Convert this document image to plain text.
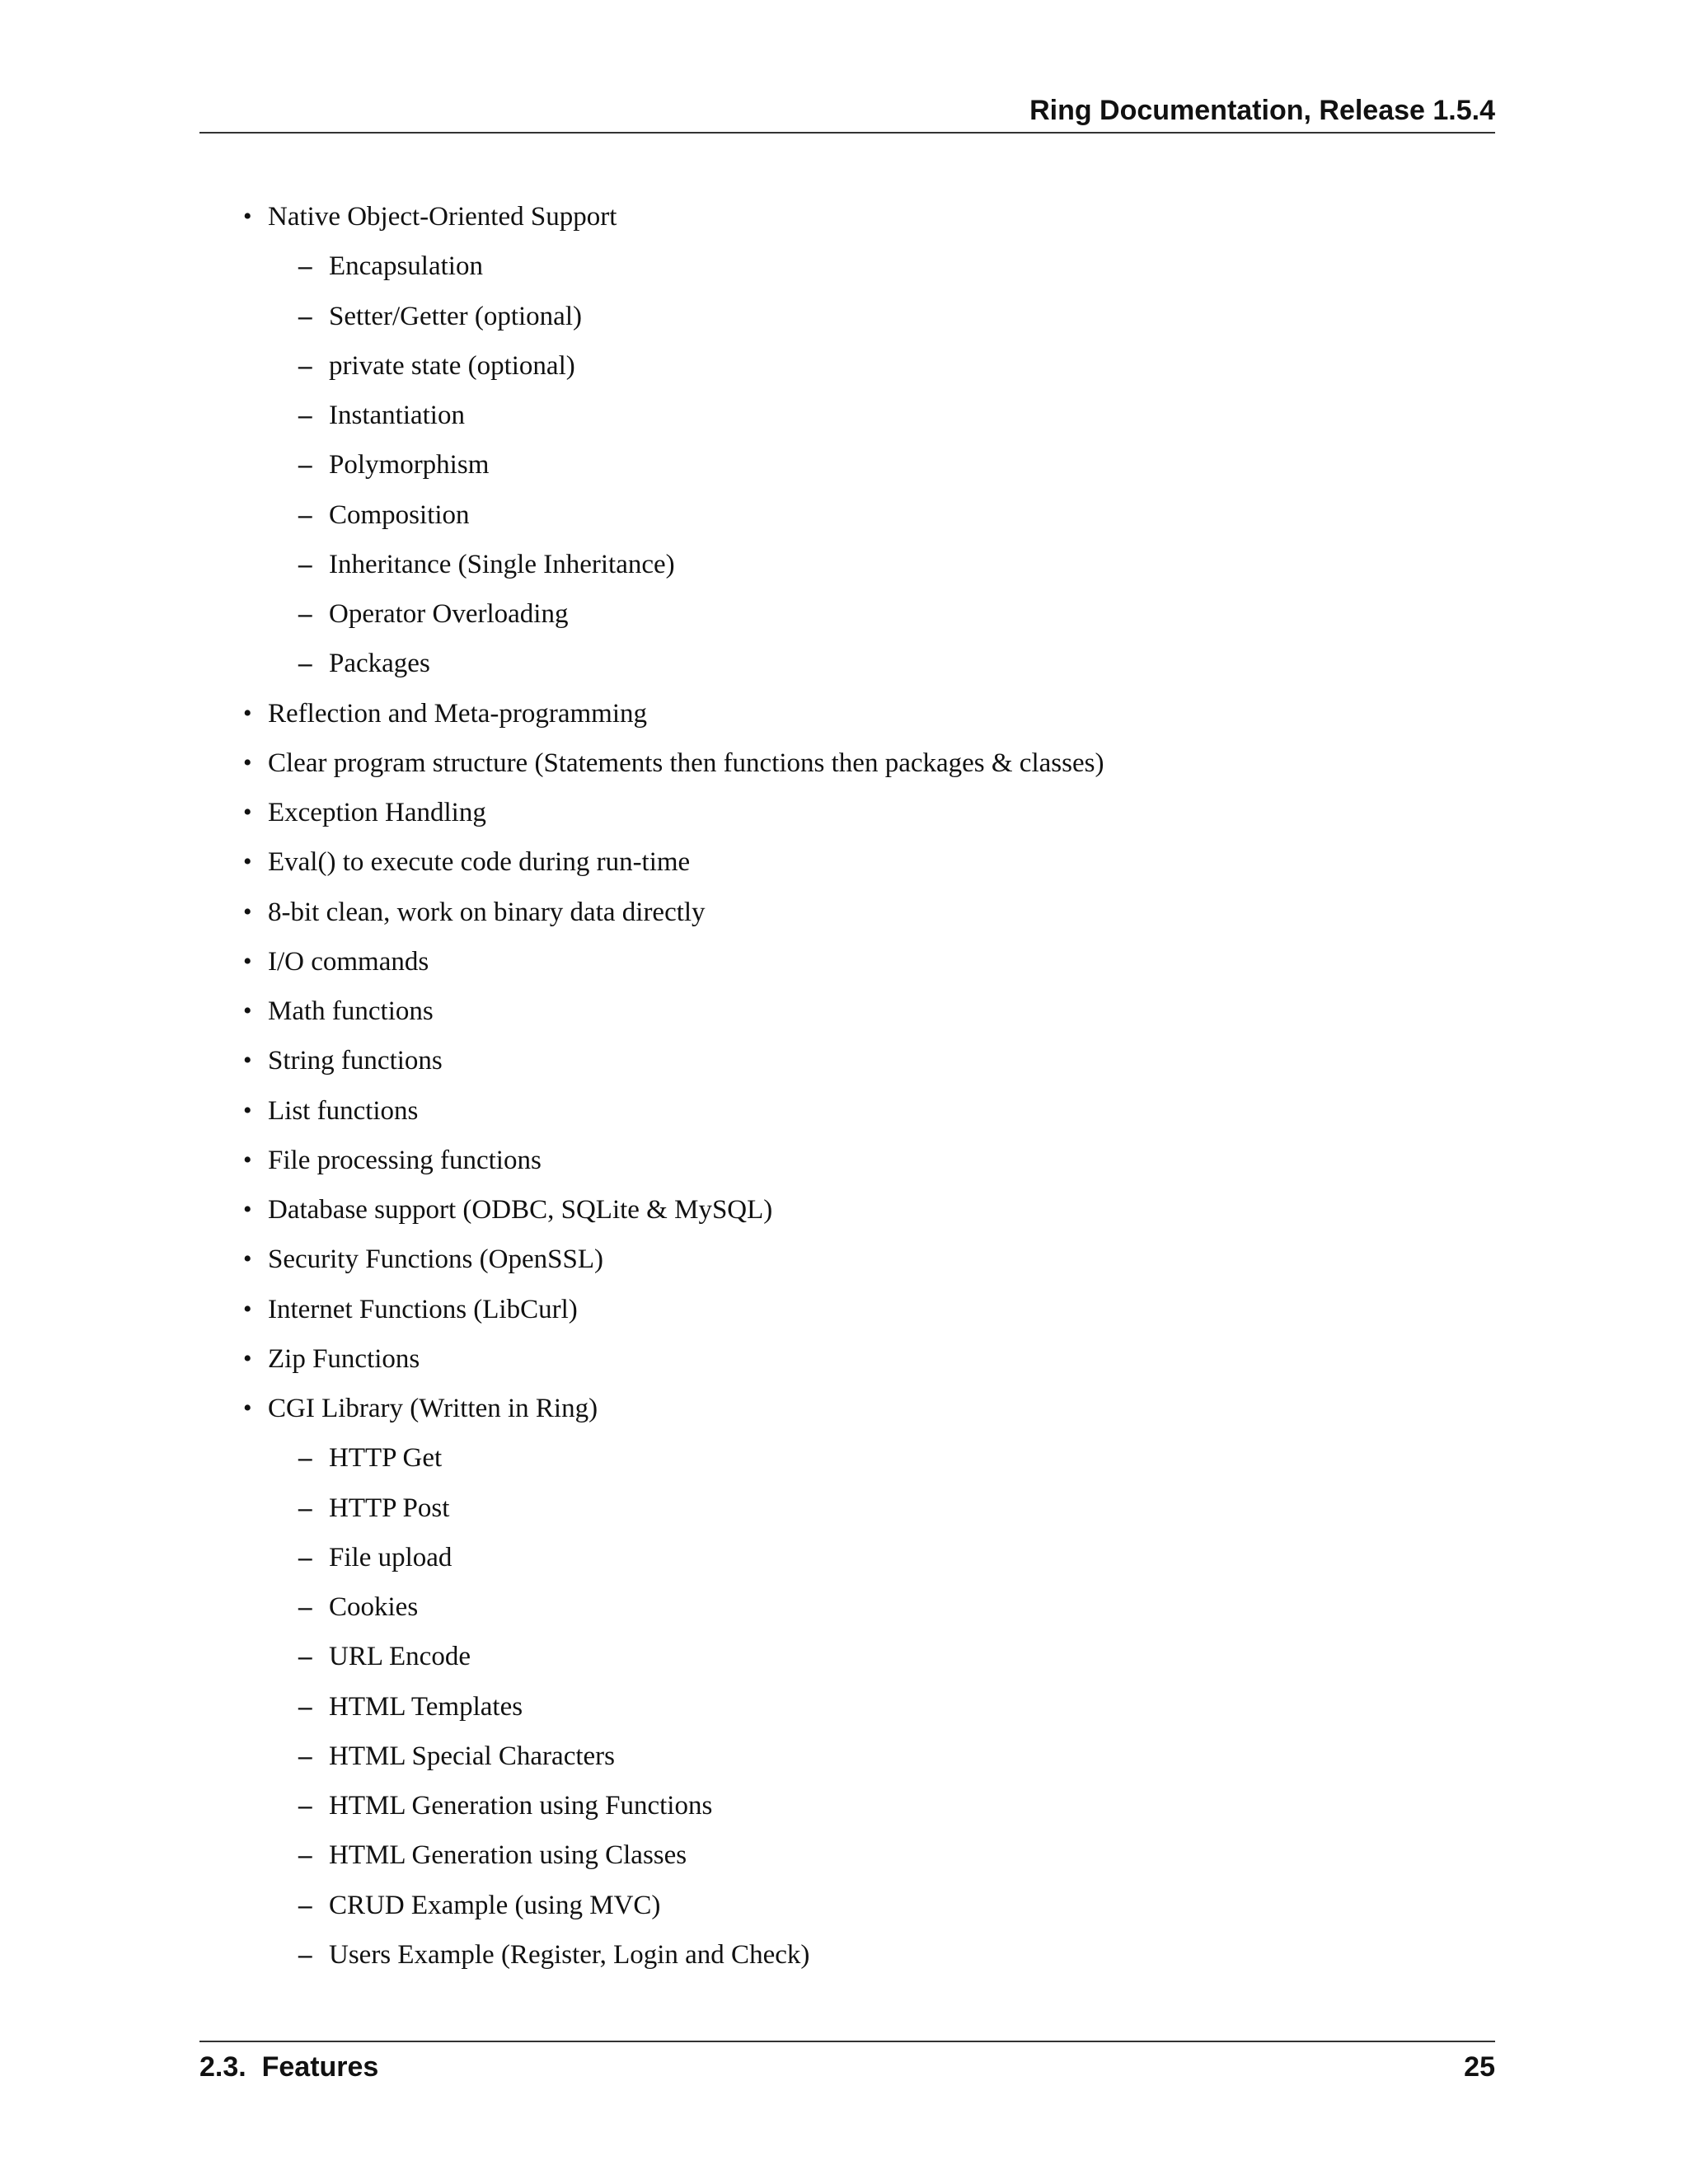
Ring Documentation, Release 1.5.4
• Native Object-Oriented Support
– Encapsulation
– Setter/Getter (optional)
– private state (optional)
– Instantiation
– Polymorphism
– Composition
– Inheritance (Single Inheritance)
– Operator Overloading
– Packages
• Reflection and Meta-programming
• Clear program structure (Statements then functions then packages & classes)
• Exception Handling
• Eval() to execute code during run-time
• 8-bit clean, work on binary data directly
• I/O commands
• Math functions
• String functions
• List functions
• File processing functions
• Database support (ODBC, SQLite & MySQL)
• Security Functions (OpenSSL)
• Internet Functions (LibCurl)
• Zip Functions
• CGI Library (Written in Ring)
– HTTP Get
– HTTP Post
– File upload
– Cookies
– URL Encode
– HTML Templates
– HTML Special Characters
– HTML Generation using Functions
– HTML Generation using Classes
– CRUD Example (using MVC)
– Users Example (Register, Login and Check)
2.3.  Features	25
